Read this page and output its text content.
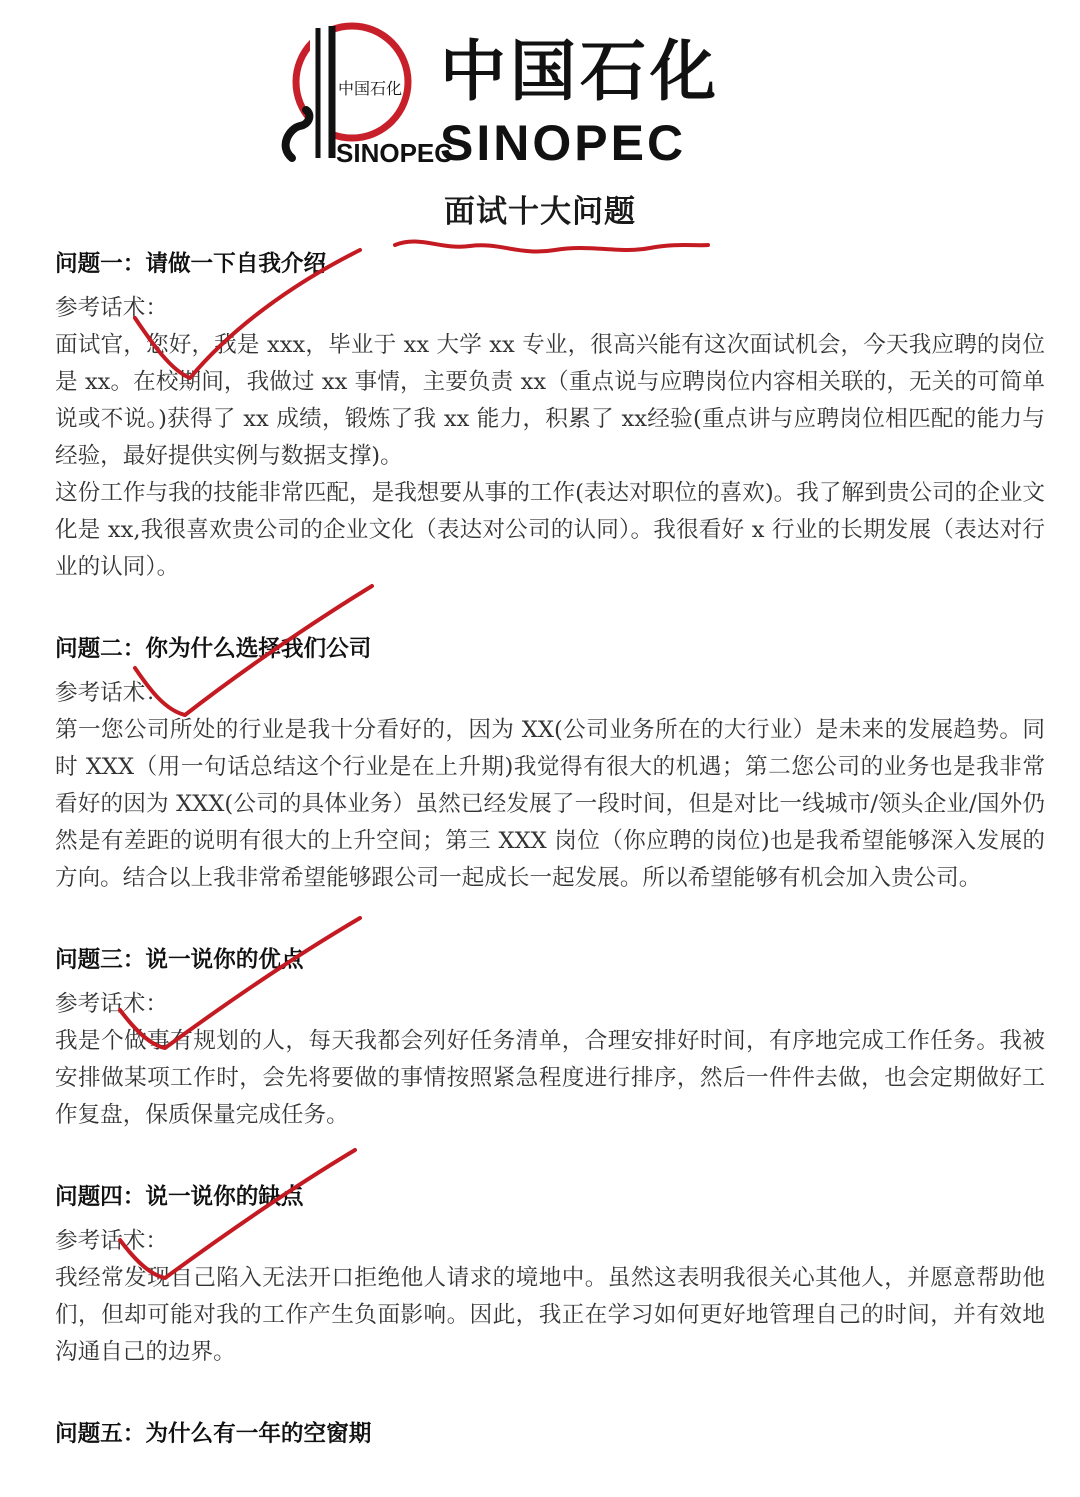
中国石化
SINOPEC
中国石化
SINOPEC
面试十大问题

问题一：请做一下自我介绍

参考话术：

面试官，您好，我是 xxx，毕业于 xx 大学 xx 专业，很高兴能有这次面试机会，今天我应聘的岗位是 xx。在校期间，我做过 xx 事情，主要负责 xx（重点说与应聘岗位内容相关联的，无关的可简单说或不说。)获得了 xx 成绩，锻炼了我 xx 能力，积累了 xx经验(重点讲与应聘岗位相匹配的能力与经验，最好提供实例与数据支撑)。

这份工作与我的技能非常匹配，是我想要从事的工作(表达对职位的喜欢)。我了解到贵公司的企业文化是 xx,我很喜欢贵公司的企业文化（表达对公司的认同）。我很看好 x 行业的长期发展（表达对行业的认同）。

问题二：你为什么选择我们公司

参考话术：

第一您公司所处的行业是我十分看好的，因为 XX(公司业务所在的大行业）是未来的发展趋势。同时 XXX（用一句话总结这个行业是在上升期)我觉得有很大的机遇；第二您公司的业务也是我非常看好的因为 XXX(公司的具体业务）虽然已经发展了一段时间，但是对比一线城市/领头企业/国外仍然是有差距的说明有很大的上升空间；第三 XXX 岗位（你应聘的岗位)也是我希望能够深入发展的方向。结合以上我非常希望能够跟公司一起成长一起发展。所以希望能够有机会加入贵公司。

问题三：说一说你的优点

参考话术：

我是个做事有规划的人，每天我都会列好任务清单，合理安排好时间，有序地完成工作任务。我被安排做某项工作时，会先将要做的事情按照紧急程度进行排序，然后一件件去做，也会定期做好工作复盘，保质保量完成任务。

问题四：说一说你的缺点

参考话术：

我经常发现自己陷入无法开口拒绝他人请求的境地中。虽然这表明我很关心其他人，并愿意帮助他们，但却可能对我的工作产生负面影响。因此，我正在学习如何更好地管理自己的时间，并有效地沟通自己的边界。

问题五：为什么有一年的空窗期
